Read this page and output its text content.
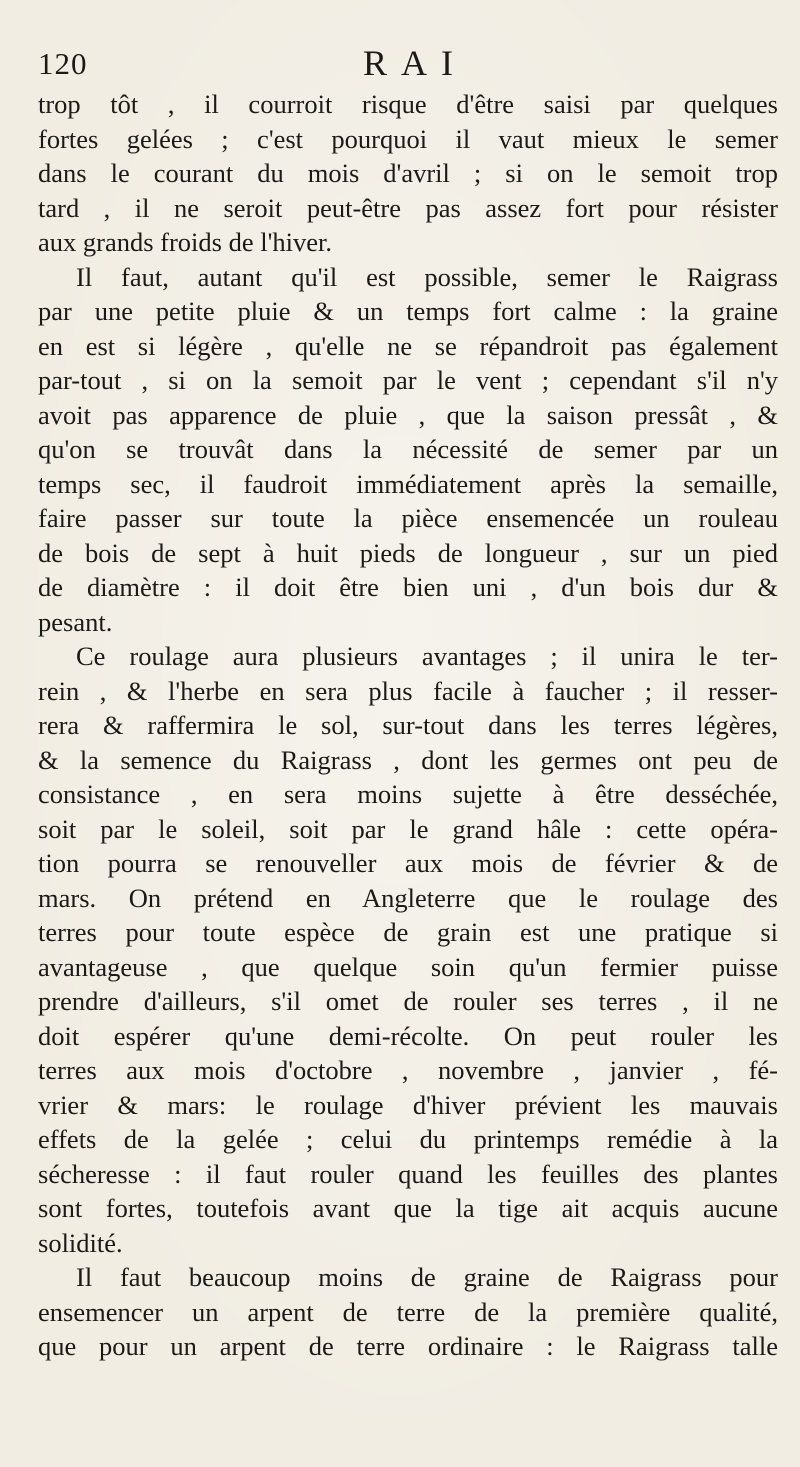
120	RAI
trop tôt , il courroit risque d'être saisi par quelques
fortes gelées ; c'est pourquoi il vaut mieux le semer
dans le courant du mois d'avril ; si on le semoit trop
tard , il ne seroit peut-être pas assez fort pour résister
aux grands froids de l'hiver.
Il faut, autant qu'il est possible, semer le Raigrass
par une petite pluie & un temps fort calme : la graine
en est si légère , qu'elle ne se répandroit pas également
par-tout , si on la semoit par le vent ; cependant s'il n'y
avoit pas apparence de pluie , que la saison pressât , &
qu'on se trouvât dans la nécessité de semer par un
temps sec, il faudroit immédiatement après la semaille,
faire passer sur toute la pièce ensemencée un rouleau
de bois de sept à huit pieds de longueur , sur un pied
de diamètre : il doit être bien uni , d'un bois dur &
pesant.
Ce roulage aura plusieurs avantages ; il unira le ter-
rein , & l'herbe en sera plus facile à faucher ; il resser-
rera & raffermira le sol, sur-tout dans les terres légères,
& la semence du Raigrass , dont les germes ont peu de
consistance , en sera moins sujette à être desséchée,
soit par le soleil, soit par le grand hâle : cette opéra-
tion pourra se renouveller aux mois de février & de
mars. On prétend en Angleterre que le roulage des
terres pour toute espèce de grain est une pratique si
avantageuse , que quelque soin qu'un fermier puisse
prendre d'ailleurs, s'il omet de rouler ses terres , il ne
doit espérer qu'une demi-récolte. On peut rouler les
terres aux mois d'octobre , novembre , janvier , fé-
vrier & mars: le roulage d'hiver prévient les mauvais
effets de la gelée ; celui du printemps remédie à la
sécheresse : il faut rouler quand les feuilles des plantes
sont fortes, toutefois avant que la tige ait acquis aucune
solidité.
Il faut beaucoup moins de graine de Raigrass pour
ensemencer un arpent de terre de la première qualité,
que pour un arpent de terre ordinaire : le Raigrass talle
